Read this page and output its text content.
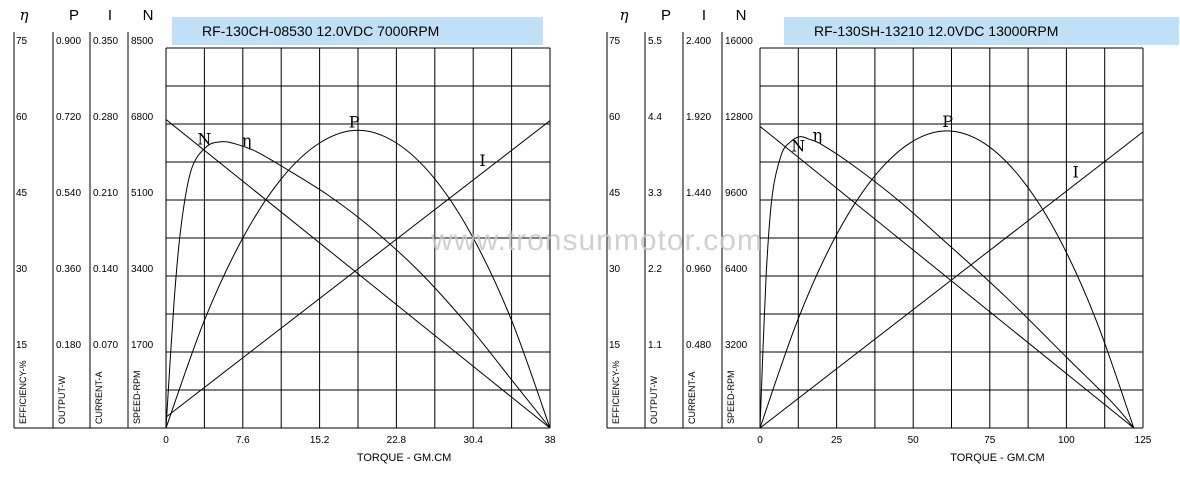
RF-130CH-08530 12.0VDC 7000RPM
η	P I N
75
60
45
30
15
0.900
0.720
0.540
0.360
0.180
0.350
0.280
0.210
0.140
0.070
8500
6800
5100
3400
1700
EFFICIENCY-%	OUTPUT-W	CURRENT-A	SPEED-RPM
0	7.6	15.2	22.8	30.4	38
TORQUE - GM.CM
N η
P
I
RF-130SH-13210 12.0VDC 13000RPM
η P I N
75
60
45
30
15
5.5
4.4
3.3
2.2
1.1
2.400
1.920
1.440
0.960
0.480
16000
12800
9600
6400
3200
EFFICIENCY-%	OUTPUT-W	CURRENT-A	SPEED-RPM
0	25	50	75	100	125
TORQUE - GM.CM
N
η
P
I
www.tronsunmotor.com
